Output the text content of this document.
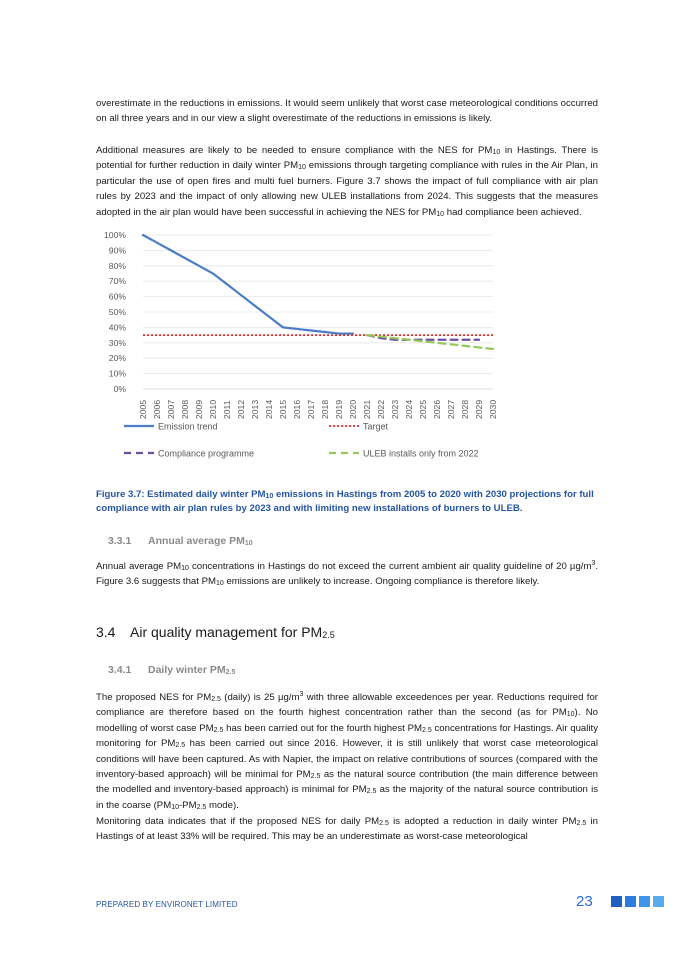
overestimate in the reductions in emissions. It would seem unlikely that worst case meteorological conditions occurred on all three years and in our view a slight overestimate of the reductions in emissions is likely.

Additional measures are likely to be needed to ensure compliance with the NES for $PM_{10}$ in Hastings. There is potential for further reduction in daily winter $PM_{10}$ emissions through targeting compliance with rules in the Air Plan, in particular the use of open fires and multi fuel burners. Figure 3.7 shows the impact of full compliance with air plan rules by 2023 and the impact of only allowing new ULEB installations from 2024. This suggests that the measures adopted in the air plan would have been successful in achieving the NES for $PM_{10}$ had compliance been achieved.

0%
10%
20%
30%
40%
50%
60%
70%
80%
90%
100%
2005 2006 2007 2008 2009 2010 2011 2012 2013 2014 2015 2016 2017 2018 2019 2020 2021 2022 2023 2024 2025 2026 2027 2028 2029 2030
Emission trend	Target
Compliance programme	ULEB installs only from 2022

Figure 3.7: Estimated daily winter $PM_{10}$ emissions in Hastings from 2005 to 2020 with 2030 projections for full compliance with air plan rules by 2023 and with limiting new installations of burners to ULEB.

3.3.1 Annual average $PM_{10}$

Annual average $PM_{10}$ concentrations in Hastings do not exceed the current ambient air quality guideline of 20 $\mu g/m^3$. Figure 3.6 suggests that $PM_{10}$ emissions are unlikely to increase. Ongoing compliance is therefore likely.

3.4 Air quality management for $PM_{2.5}$
3.4.1 Daily winter $PM_{2.5}$

The proposed NES for $PM_{2.5}$ (daily) is 25 $\mu g/m^3$ with three allowable exceedences per year. Reductions required for compliance are therefore based on the fourth highest concentration rather than the second (as for $PM_{10}$). No modelling of worst case $PM_{2.5}$ has been carried out for the fourth highest $PM_{2.5}$ concentrations for Hastings. Air quality monitoring for $PM_{2.5}$ has been carried out since 2016. However, it is still unlikely that worst case meteorological conditions will have been captured. As with Napier, the impact on relative contributions of sources (compared with the inventory-based approach) will be minimal for $PM_{2.5}$ as the natural source contribution (the main difference between the modelled and inventory-based approach) is minimal for $PM_{2.5}$ as the majority of the natural source contribution is in the coarse ($PM_{10}-PM_{2.5}$ mode).

Monitoring data indicates that if the proposed NES for daily $PM_{2.5}$ is adopted a reduction in daily winter $PM_{2.5}$ in Hastings of at least 33% will be required. This may be an underestimate as worst-case meteorological

PREPARED BY ENVIRONET LIMITED	23
